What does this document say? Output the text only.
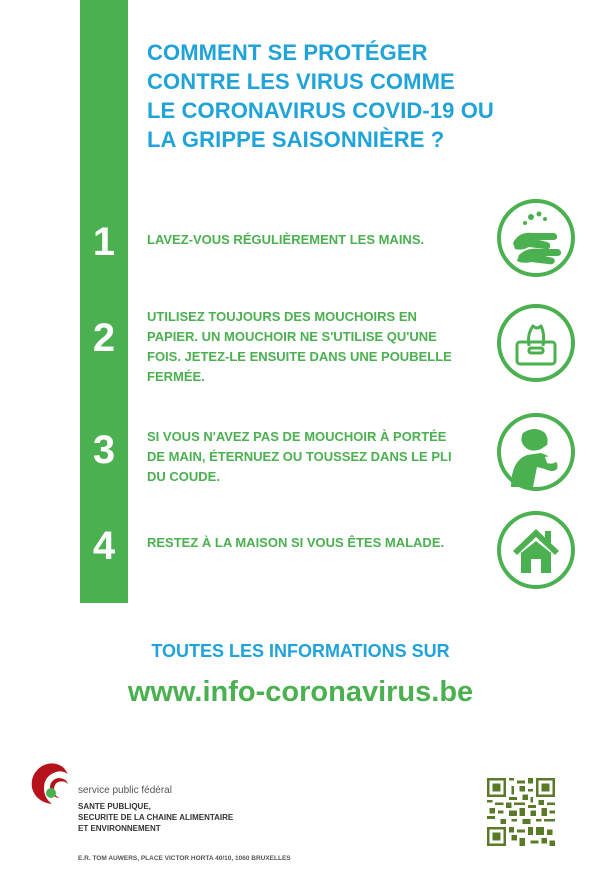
COMMENT SE PROTÉGER
CONTRE LES VIRUS COMME
LE CORONAVIRUS COVID-19 OU
LA GRIPPE SAISONNIÈRE ?
1	LAVEZ-VOUS RÉGULIÈREMENT LES MAINS.
2	UTILISEZ TOUJOURS DES MOUCHOIRS EN
PAPIER. UN MOUCHOIR NE S'UTILISE QU'UNE
FOIS. JETEZ-LE ENSUITE DANS UNE POUBELLE
FERMÉE.
3	SI VOUS N'AVEZ PAS DE MOUCHOIR À PORTÉE
DE MAIN, ÉTERNUEZ OU TOUSSEZ DANS LE PLI
DU COUDE.
4	RESTEZ À LA MAISON SI VOUS ÊTES MALADE.
TOUTES LES INFORMATIONS SUR
www.info-coronavirus.be
service public fédéral
SANTE PUBLIQUE,
SECURITE DE LA CHAINE ALIMENTAIRE
ET ENVIRONNEMENT
E.R. TOM AUWERS, PLACE VICTOR HORTA 40/10, 1060 BRUXELLES
